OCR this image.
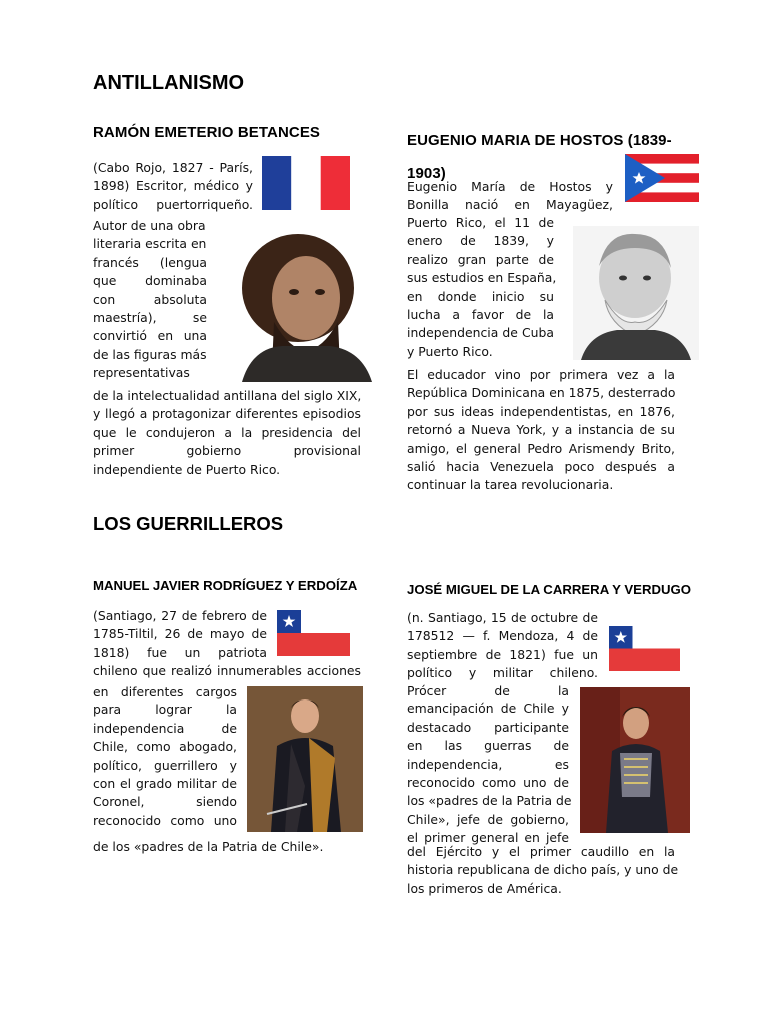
ANTILLANISMO
RAMÓN EMETERIO BETANCES
(Cabo Rojo, 1827 - París,
1898) Escritor, médico y
político puertorriqueño.
Autor de una obra
literaria escrita en
francés (lengua
que dominaba
con absoluta
maestría), se
convirtió en una
de las figuras más
representativas
de la intelectualidad antillana del siglo XIX,
y llegó a protagonizar diferentes episodios
que le condujeron a la presidencia del
primer gobierno provisional
independiente de Puerto Rico.
EUGENIO MARIA DE HOSTOS (1839-
1903)
Eugenio María de Hostos y
Bonilla nació en Mayagüez,
Puerto Rico, el 11 de
enero de 1839, y
realizo gran parte de
sus estudios en España,
en donde inicio su
lucha a favor de la
independencia de Cuba
y Puerto Rico.
El educador vino por primera vez a la
República Dominicana en 1875, desterrado
por sus ideas independentistas, en 1876,
retornó a Nueva York, y a instancia de su
amigo, el general Pedro Arismendy Brito,
salió hacia Venezuela poco después a
continuar la tarea revolucionaria.
LOS GUERRILLEROS
MANUEL JAVIER RODRÍGUEZ Y ERDOÍZA	JOSÉ MIGUEL DE LA CARRERA Y VERDUGO
(Santiago, 27 de febrero de
1785-Tiltil, 26 de mayo de
1818) fue un patriota
chileno que realizó innumerables acciones
en diferentes cargos
para lograr la
independencia de
Chile, como abogado,
político, guerrillero y
con el grado militar de
Coronel, siendo
reconocido como uno
de los «padres de la Patria de Chile».
(n. Santiago, 15 de octubre de
178512 — f. Mendoza, 4 de
septiembre de 1821) fue un
político y militar chileno.
Prócer de la
emancipación de Chile y
destacado participante
en las guerras de
independencia, es
reconocido como uno de
los «padres de la Patria de
Chile», jefe de gobierno,
el primer general en jefe
del Ejército y el primer caudillo en la
historia republicana de dicho país, y uno de
los primeros de América.
